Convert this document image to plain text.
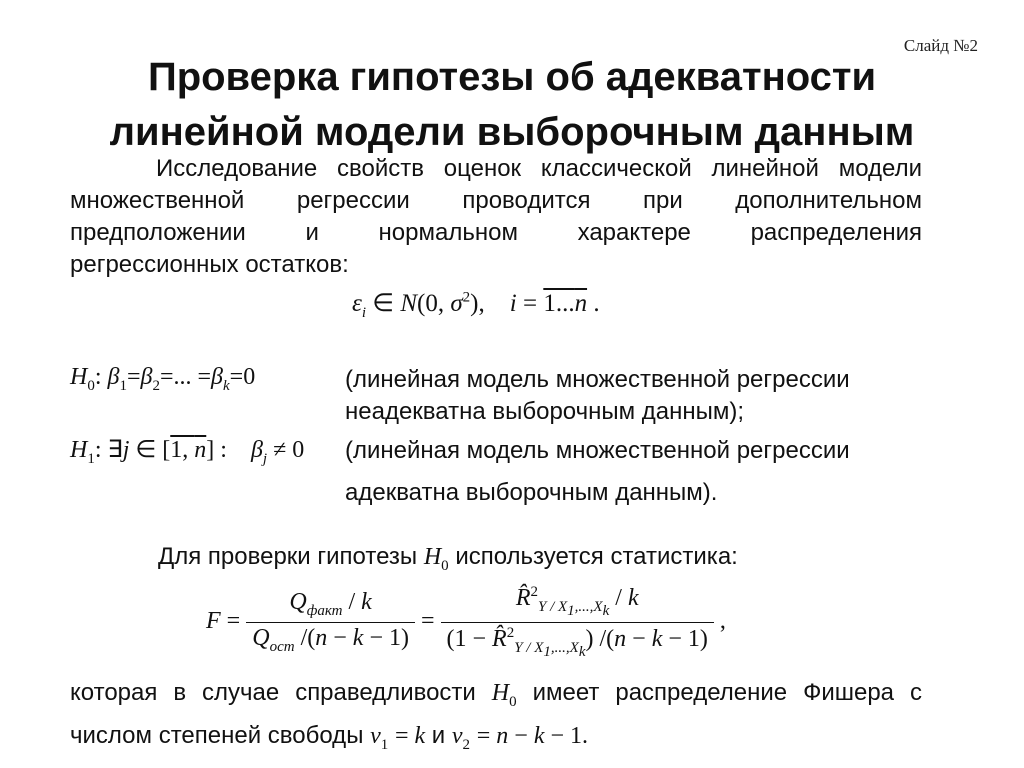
Слайд №2
Проверка гипотезы об адекватности
линейной модели выборочным данным
Исследование свойств оценок классической линейной модели
множественной регрессии проводится при дополнительном
предположении и нормальном характере распределения
регрессионных остатков:
$\varepsilon_i$ ∈ N(0, $\sigma^2$),    i = 1...n .
$H_0$: $\beta_1=\beta_2=$... $=\beta_k=0$	(линейная модель множественной регрессии
неадекватна выборочным данным);
$H_1$: ∃j ∈ [1, n] :    $\beta_j \ne 0$ (линейная модель множественной регрессии
адекватна выборочным данным).
Для проверки гипотезы $H_0$ используется статистика:
$F = \frac{Q_{факт} / k}{Q_{ост} /(n - k - 1)} = \frac{R̂^2_{Y / X_1,...,X_k} / k}{(1 - R̂^2_{Y / X_1,...,X_k}) /(n - k - 1)}$ ,
которая в случае справедливости $H_0$ имеет распределение Фишера с
числом степеней свободы $\nu_1 = k$ и $\nu_2 = n - k - 1$.
